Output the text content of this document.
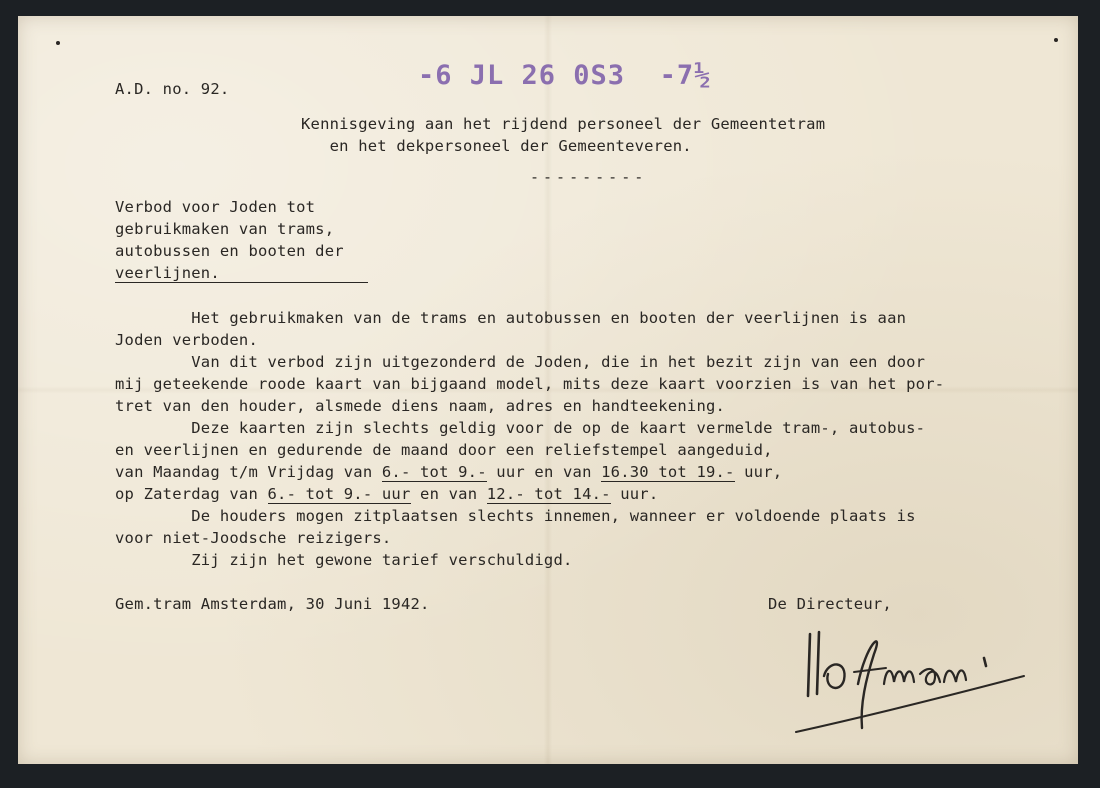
-6 JL 26 0S3  -7½
A.D. no. 92.
Kennisgeving aan het rijdend personeel der Gemeentetram
en het dekpersoneel der Gemeenteveren.
---------
Verbod voor Joden tot
gebruikmaken van trams,
autobussen en booten der
veerlijnen.
Het gebruikmaken van de trams en autobussen en booten der veerlijnen is aan
Joden verboden.
Van dit verbod zijn uitgezonderd de Joden, die in het bezit zijn van een door
mij geteekende roode kaart van bijgaand model, mits deze kaart voorzien is van het por-
tret van den houder, alsmede diens naam, adres en handteekening.
Deze kaarten zijn slechts geldig voor de op de kaart vermelde tram-, autobus-
en veerlijnen en gedurende de maand door een reliefstempel aangeduid,
van Maandag t/m Vrijdag van 6.- tot 9.- uur en van 16.30 tot 19.- uur,
op Zaterdag van 6.- tot 9.- uur en van 12.- tot 14.- uur.
De houders mogen zitplaatsen slechts innemen, wanneer er voldoende plaats is
voor niet-Joodsche reizigers.
Zij zijn het gewone tarief verschuldigd.
Gem.tram Amsterdam, 30 Juni 1942.	De Directeur,
